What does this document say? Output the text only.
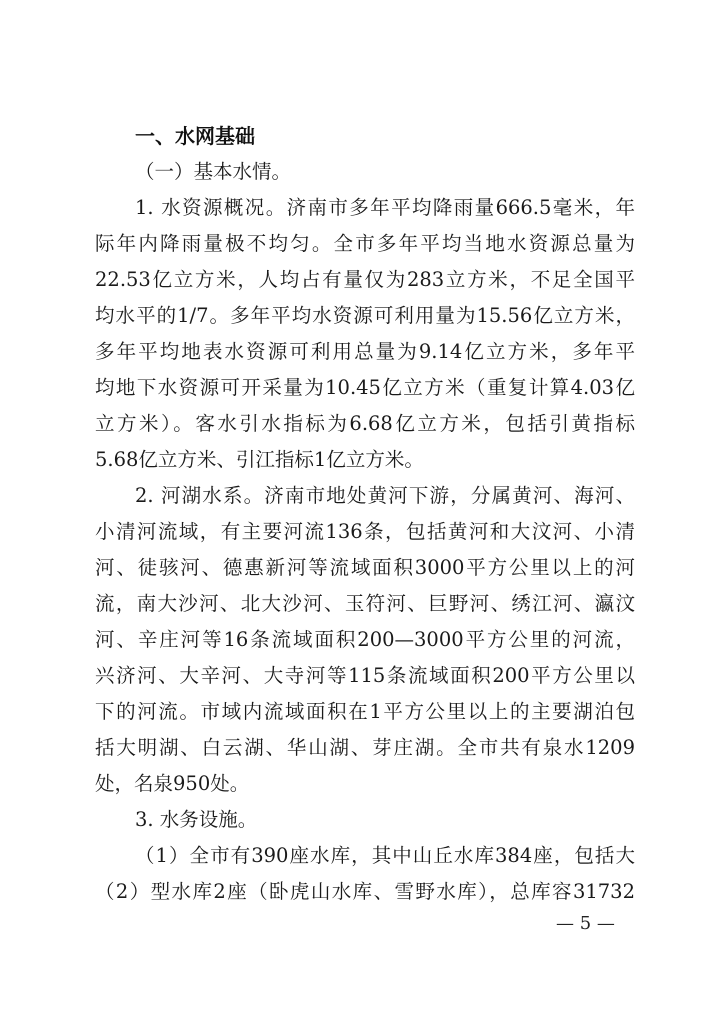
一、水网基础
（一）基本水情。
1. 水资源概况。济南市多年平均降雨量666.5毫米，年
际年内降雨量极不均匀。全市多年平均当地水资源总量为
22.53亿立方米，人均占有量仅为283立方米，不足全国平
均水平的1/7。多年平均水资源可利用量为15.56亿立方米，
多年平均地表水资源可利用总量为9.14亿立方米，多年平
均地下水资源可开采量为10.45亿立方米（重复计算4.03亿
立方米）。客水引水指标为6.68亿立方米，包括引黄指标
5.68亿立方米、引江指标1亿立方米。
2. 河湖水系。济南市地处黄河下游，分属黄河、海河、
小清河流域，有主要河流136条，包括黄河和大汶河、小清
河、徒骇河、德惠新河等流域面积3000平方公里以上的河
流，南大沙河、北大沙河、玉符河、巨野河、绣江河、瀛汶
河、辛庄河等16条流域面积200—3000平方公里的河流，
兴济河、大辛河、大寺河等115条流域面积200平方公里以
下的河流。市域内流域面积在1平方公里以上的主要湖泊包
括大明湖、白云湖、华山湖、芽庄湖。全市共有泉水1209
处，名泉950处。
3. 水务设施。
（1）全市有390座水库，其中山丘水库384座，包括大
（2）型水库2座（卧虎山水库、雪野水库），总库容31732
— 5 —
